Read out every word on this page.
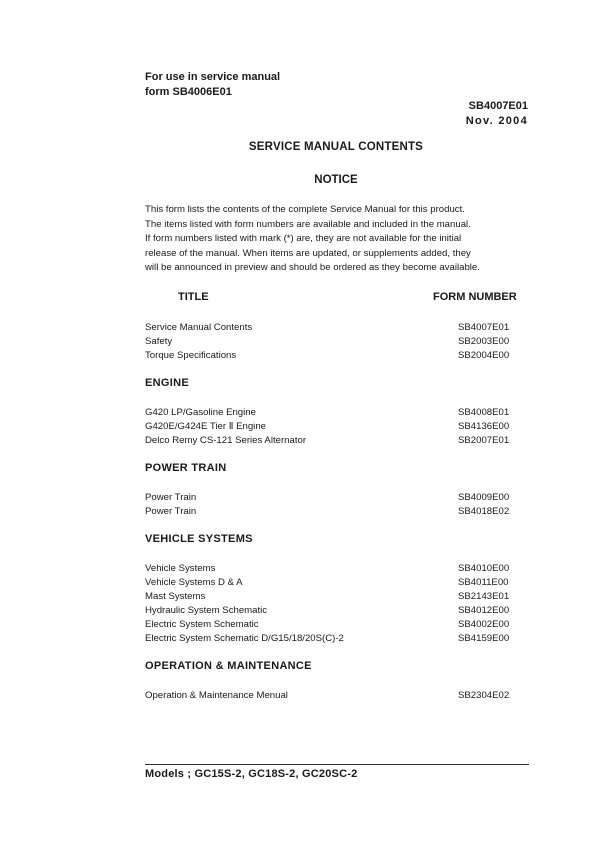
For use in service manual
form SB4006E01
SB4007E01
Nov. 2004
SERVICE MANUAL CONTENTS
NOTICE
This form lists the contents of the complete Service Manual for this product.
The items listed with form numbers are available and included in the manual.
If form numbers listed with mark (*) are, they are not available for the initial
release of the manual. When items are updated, or supplements added, they
will be announced in preview and should be ordered as they become available.
TITLE	FORM NUMBER
Service Manual Contents	SB4007E01
Safety	SB2003E00
Torque Specifications	SB2004E00
ENGINE
G420 LP/Gasoline Engine	SB4008E01
G420E/G424E Tier Ⅱ Engine	SB4136E00
Delco Remy CS-121 Series Alternator	SB2007E01
POWER TRAIN
Power Train	SB4009E00
Power Train	SB4018E02
VEHICLE SYSTEMS
Vehicle Systems	SB4010E00
Vehicle Systems D & A	SB4011E00
Mast Systems	SB2143E01
Hydraulic System Schematic	SB4012E00
Electric System Schematic	SB4002E00
Electric System Schematic D/G15/18/20S(C)-2	SB4159E00
OPERATION & MAINTENANCE
Operation & Maintenance Menual	SB2304E02
Models ; GC15S-2, GC18S-2, GC20SC-2
